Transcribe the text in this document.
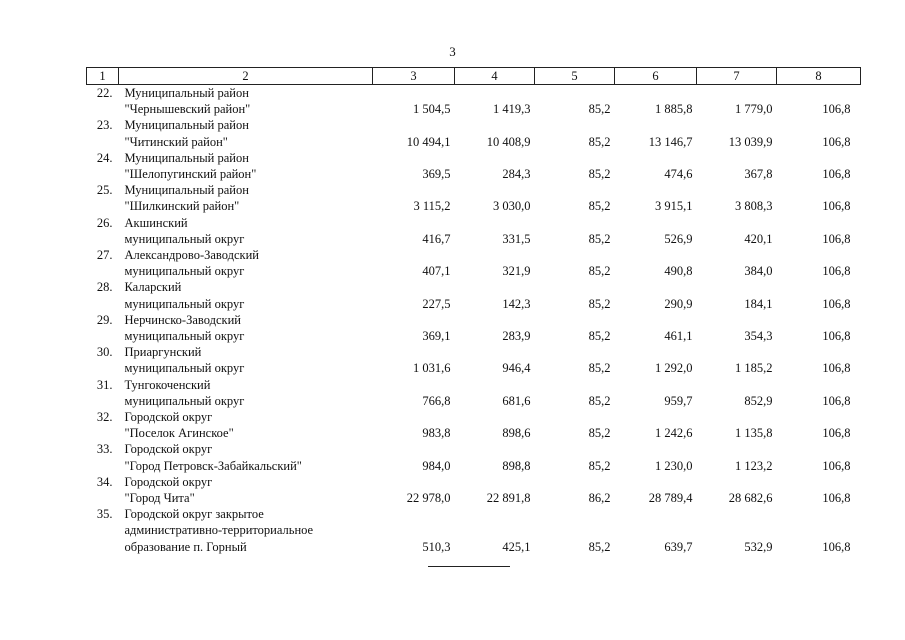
3
1	2	3	4	5	6	7	8
22.	Муниципальный район
"Чернышевский район"	1 504,5	1 419,3	85,2	1 885,8	1 779,0	106,8
23.	Муниципальный район
"Читинский район"	10 494,1	10 408,9	85,2	13 146,7	13 039,9	106,8
24.	Муниципальный район
"Шелопугинский район"	369,5	284,3	85,2	474,6	367,8	106,8
25.	Муниципальный район
"Шилкинский район"	3 115,2	3 030,0	85,2	3 915,1	3 808,3	106,8
26.	Акшинский
муниципальный округ	416,7	331,5	85,2	526,9	420,1	106,8
27.	Александрово-Заводский
муниципальный округ	407,1	321,9	85,2	490,8	384,0	106,8
28.	Каларский
муниципальный округ	227,5	142,3	85,2	290,9	184,1	106,8
29.	Нерчинско-Заводский
муниципальный округ	369,1	283,9	85,2	461,1	354,3	106,8
30.	Приаргунский
муниципальный округ	1 031,6	946,4	85,2	1 292,0	1 185,2	106,8
31.	Тунгокоченский
муниципальный округ	766,8	681,6	85,2	959,7	852,9	106,8
32.	Городской округ
"Поселок Агинское"	983,8	898,6	85,2	1 242,6	1 135,8	106,8
33.	Городской округ
"Город Петровск-Забайкальский"	984,0	898,8	85,2	1 230,0	1 123,2	106,8
34.	Городской округ
"Город Чита"	22 978,0	22 891,8	86,2	28 789,4	28 682,6	106,8
35.	Городской округ закрытое
административно-территориальное
образование п. Горный	510,3	425,1	85,2	639,7	532,9	106,8
